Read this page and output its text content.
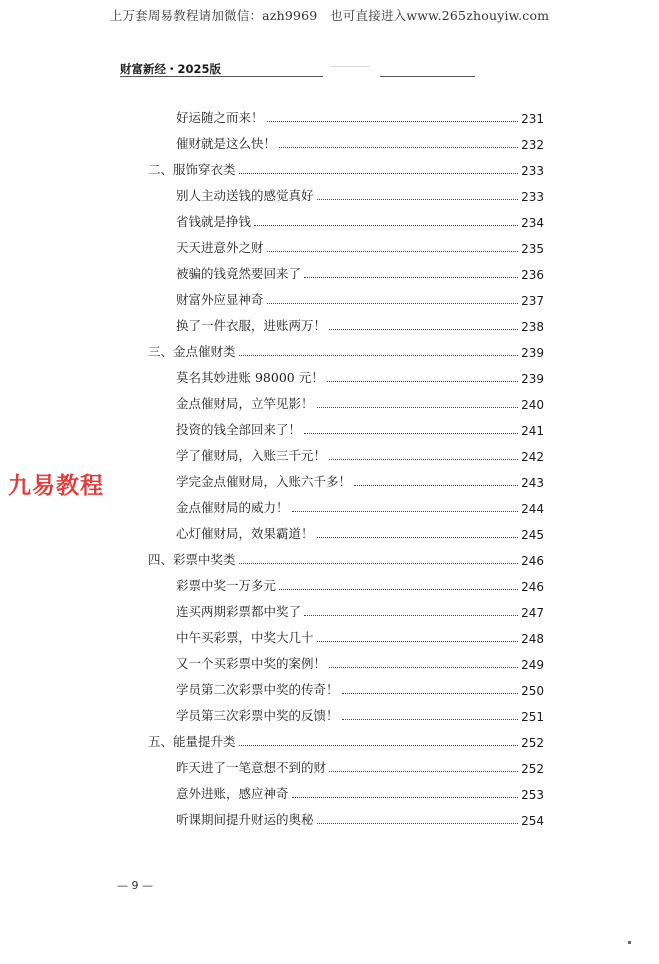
上万套周易教程请加微信：azh9969　也可直接进入www.265zhouyiw.com
财富新经・2025版
好运随之而来！	231
催财就是这么快！	232
二、服饰穿衣类	233
别人主动送钱的感觉真好	233
省钱就是挣钱	234
天天进意外之财	235
被骗的钱竟然要回来了	236
财富外应显神奇	237
换了一件衣服，进账两万！	238
三、金点催财类	239
莫名其妙进账 98000 元！	239
金点催财局，立竿见影！	240
投资的钱全部回来了！	241
学了催财局，入账三千元！	242
学完金点催财局，入账六千多！	243
金点催财局的威力！	244
心灯催财局，效果霸道！	245
四、彩票中奖类	246
彩票中奖一万多元	246
连买两期彩票都中奖了	247
中午买彩票，中奖大几十	248
又一个买彩票中奖的案例！	249
学员第二次彩票中奖的传奇！	250
学员第三次彩票中奖的反馈！	251
五、能量提升类	252
昨天进了一笔意想不到的财	252
意外进账，感应神奇	253
听课期间提升财运的奥秘	254
九易教程
— 9 —
